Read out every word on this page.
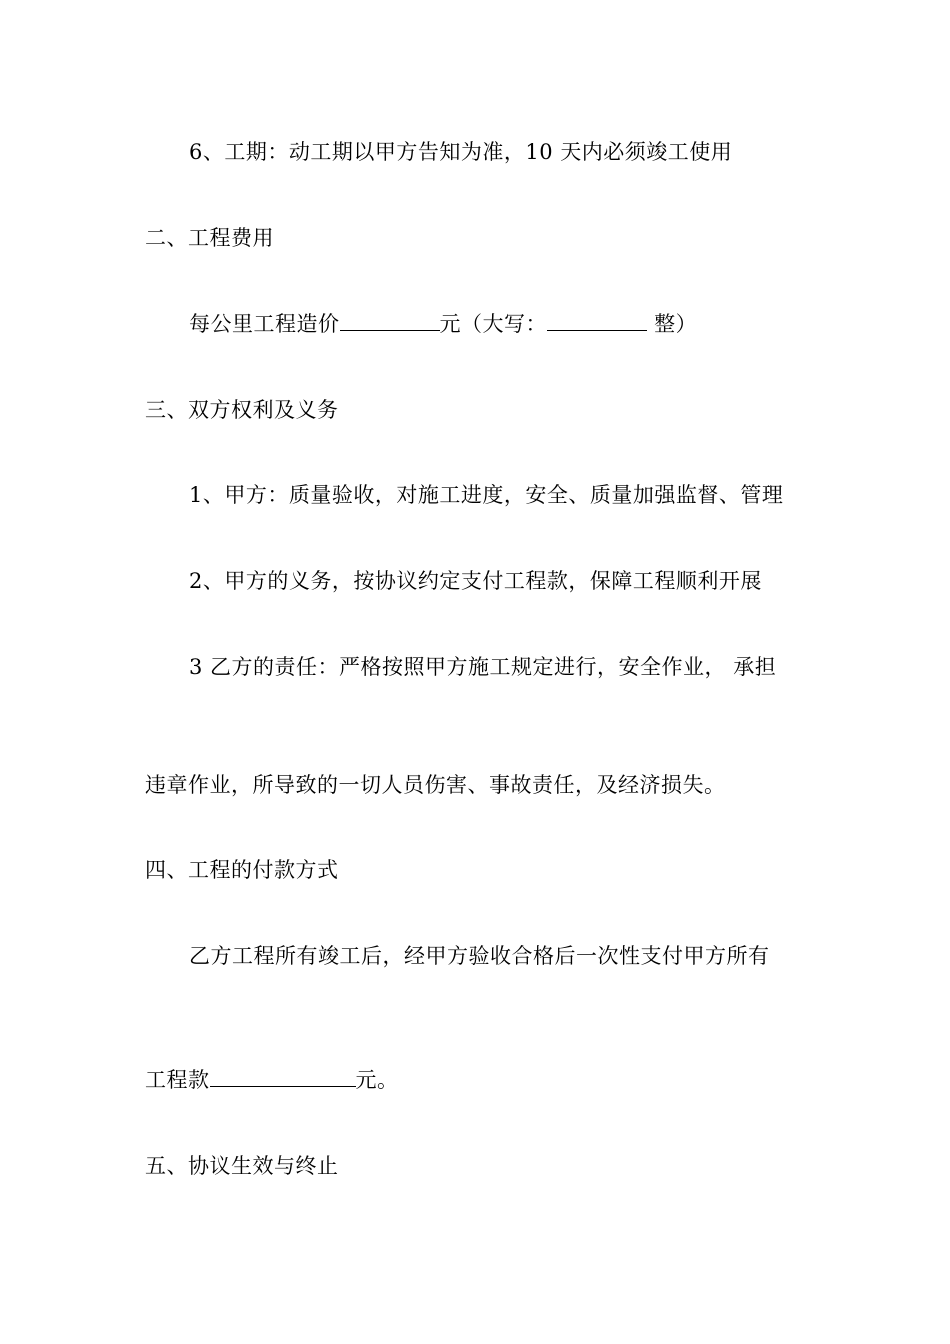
6、工期：动工期以甲方告知为准，10 天内必须竣工使用
二、工程费用
每公里工程造价	元（大写：	整）
三、双方权利及义务
1、甲方：质量验收，对施工进度，安全、质量加强监督、管理
2、甲方的义务，按协议约定支付工程款，保障工程顺利开展
3 乙方的责任：严格按照甲方施工规定进行，安全作业， 承担
违章作业，所导致的一切人员伤害、事故责任，及经济损失。
四、工程的付款方式
乙方工程所有竣工后，经甲方验收合格后一次性支付甲方所有
工程款	元。
五、协议生效与终止
